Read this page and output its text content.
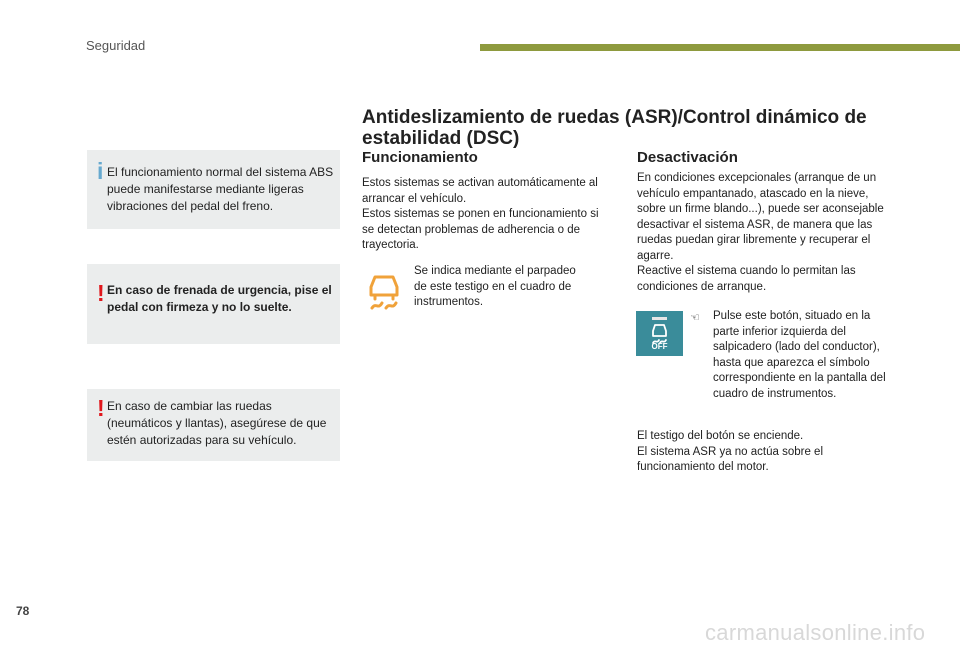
Seguridad
i El funcionamiento normal del sistema ABS puede manifestarse mediante ligeras vibraciones del pedal del freno.
! En caso de frenada de urgencia, pise el pedal con firmeza y no lo suelte.
! En caso de cambiar las ruedas (neumáticos y llantas), asegúrese de que estén autorizadas para su vehículo.
Antideslizamiento de ruedas (ASR)/Control dinámico de estabilidad (DSC)
Funcionamiento
Estos sistemas se activan automáticamente al arrancar el vehículo.
Estos sistemas se ponen en funcionamiento si se detectan problemas de adherencia o de trayectoria.
Se indica mediante el parpadeo de este testigo en el cuadro de instrumentos.
Desactivación
En condiciones excepcionales (arranque de un vehículo empantanado, atascado en la nieve, sobre un firme blando...), puede ser aconsejable desactivar el sistema ASR, de manera que las ruedas puedan girar libremente y recuperar el agarre.
Reactive el sistema cuando lo permitan las condiciones de arranque.
OFF
☜ Pulse este botón, situado en la parte inferior izquierda del salpicadero (lado del conductor), hasta que aparezca el símbolo correspondiente en la pantalla del cuadro de instrumentos.
El testigo del botón se enciende.
El sistema ASR ya no actúa sobre el funcionamiento del motor.
78
carmanualsonline.info
